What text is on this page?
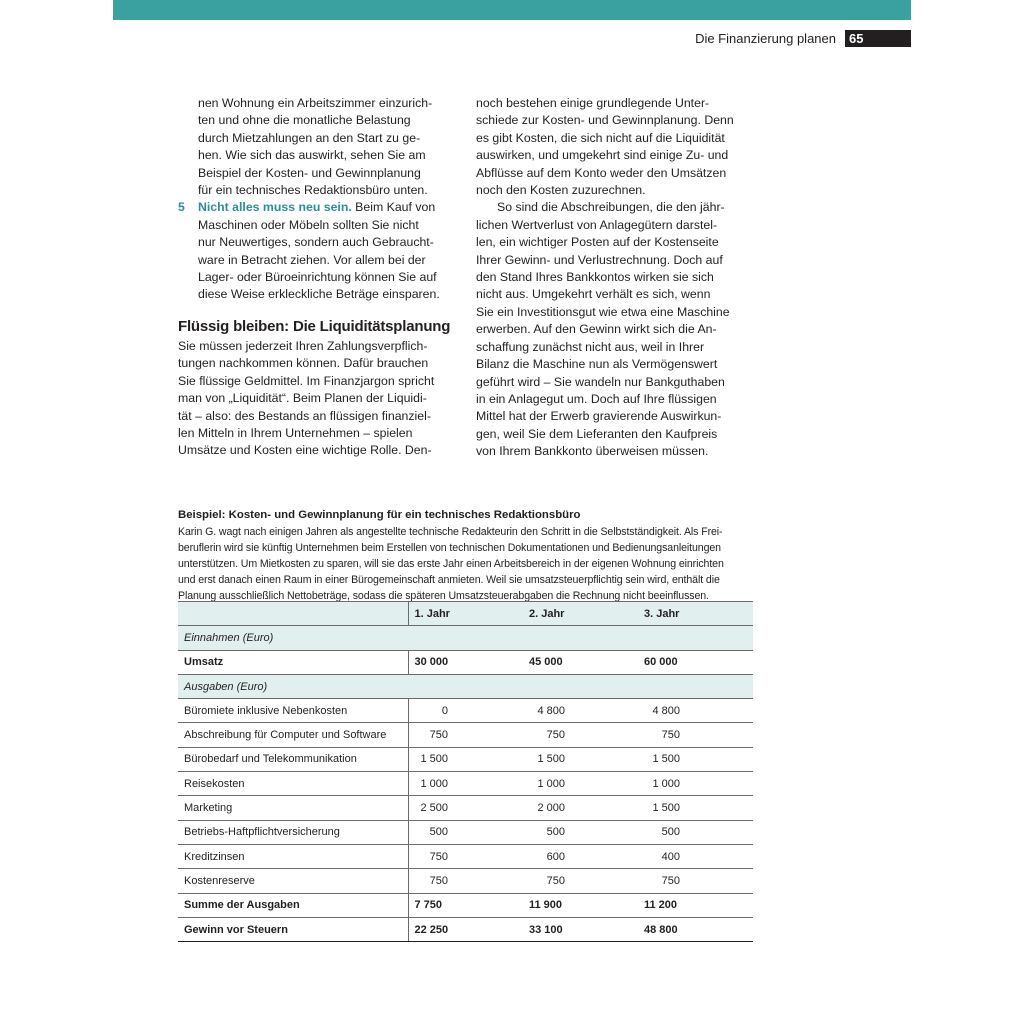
Die Finanzierung planen	65
nen Wohnung ein Arbeitszimmer einzurich-
ten und ohne die monatliche Belastung
durch Mietzahlungen an den Start zu ge-
hen. Wie sich das auswirkt, sehen Sie am
Beispiel der Kosten- und Gewinnplanung
für ein technisches Redaktionsbüro unten.
5 Nicht alles muss neu sein. Beim Kauf von
Maschinen oder Möbeln sollten Sie nicht
nur Neuwertiges, sondern auch Gebraucht-
ware in Betracht ziehen. Vor allem bei der
Lager- oder Büroeinrichtung können Sie auf
diese Weise erkleckliche Beträge einsparen.
Flüssig bleiben: Die Liquiditätsplanung
Sie müssen jederzeit Ihren Zahlungsverpflich-
tungen nachkommen können. Dafür brauchen
Sie flüssige Geldmittel. Im Finanzjargon spricht
man von „Liquidität“. Beim Planen der Liquidi-
tät – also: des Bestands an flüssigen finanziel-
len Mitteln in Ihrem Unternehmen – spielen
Umsätze und Kosten eine wichtige Rolle. Den-
noch bestehen einige grundlegende Unter-
schiede zur Kosten- und Gewinnplanung. Denn
es gibt Kosten, die sich nicht auf die Liquidität
auswirken, und umgekehrt sind einige Zu- und
Abflüsse auf dem Konto weder den Umsätzen
noch den Kosten zuzurechnen.
So sind die Abschreibungen, die den jähr-
lichen Wertverlust von Anlagegütern darstel-
len, ein wichtiger Posten auf der Kostenseite
Ihrer Gewinn- und Verlustrechnung. Doch auf
den Stand Ihres Bankkontos wirken sie sich
nicht aus. Umgekehrt verhält es sich, wenn
Sie ein Investitionsgut wie etwa eine Maschine
erwerben. Auf den Gewinn wirkt sich die An-
schaffung zunächst nicht aus, weil in Ihrer
Bilanz die Maschine nun als Vermögenswert
geführt wird – Sie wandeln nur Bankguthaben
in ein Anlagegut um. Doch auf Ihre flüssigen
Mittel hat der Erwerb gravierende Auswirkun-
gen, weil Sie dem Lieferanten den Kaufpreis
von Ihrem Bankkonto überweisen müssen.
Beispiel: Kosten- und Gewinnplanung für ein technisches Redaktionsbüro
Karin G. wagt nach einigen Jahren als angestellte technische Redakteurin den Schritt in die Selbstständigkeit. Als Frei-
beruflerin wird sie künftig Unternehmen beim Erstellen von technischen Dokumentationen und Bedienungsanleitungen
unterstützen. Um Mietkosten zu sparen, will sie das erste Jahr einen Arbeitsbereich in der eigenen Wohnung einrichten
und erst danach einen Raum in einer Bürogemeinschaft anmieten. Weil sie umsatzsteuerpflichtig sein wird, enthält die
Planung ausschließlich Nettobeträge, sodass die späteren Umsatzsteuerabgaben die Rechnung nicht beeinflussen.
	1. Jahr	2. Jahr	3. Jahr
Einnahmen (Euro)			
Umsatz	30 000	45 000	60 000
Ausgaben (Euro)			
Büromiete inklusive Nebenkosten	0	4 800	4 800
Abschreibung für Computer und Software	750	750	750
Bürobedarf und Telekommunikation	1 500	1 500	1 500
Reisekosten	1 000	1 000	1 000
Marketing	2 500	2 000	1 500
Betriebs-Haftpflichtversicherung	500	500	500
Kreditzinsen	750	600	400
Kostenreserve	750	750	750
Summe der Ausgaben	7 750	11 900	11 200
Gewinn vor Steuern	22 250	33 100	48 800
